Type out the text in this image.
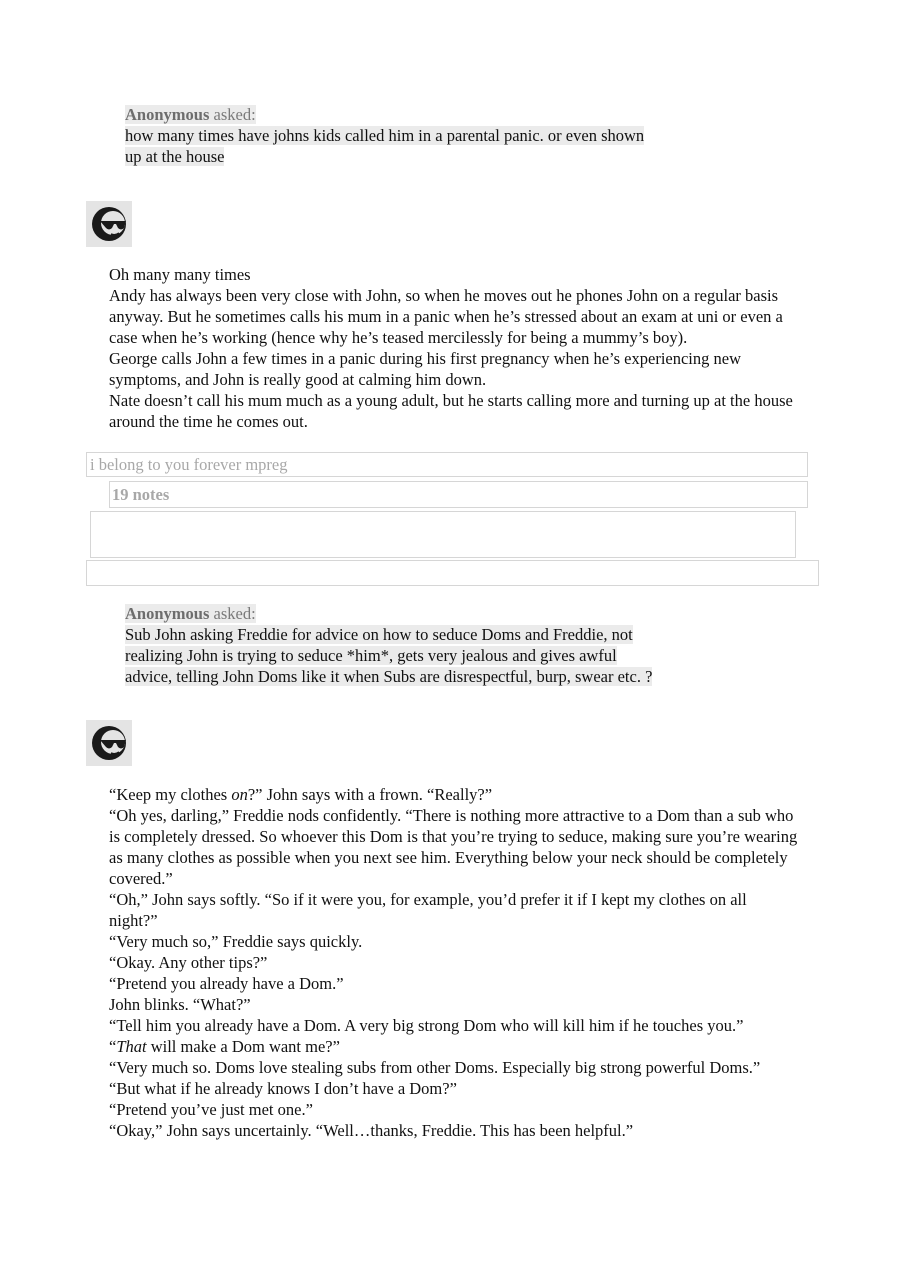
Anonymous asked:
how many times have johns kids called him in a parental panic. or even shown
up at the house

Oh many many times

Andy has always been very close with John, so when he moves out he phones John on a regular basis anyway. But he sometimes calls his mum in a panic when he’s stressed about an exam at uni or even a case when he’s working (hence why he’s teased mercilessly for being a mummy’s boy).

George calls John a few times in a panic during his first pregnancy when he’s experiencing new symptoms, and John is really good at calming him down.

Nate doesn’t call his mum much as a young adult, but he starts calling more and turning up at the house around the time he comes out.

i belong to you forever mpreg
19 notes
Anonymous asked:
Sub John asking Freddie for advice on how to seduce Doms and Freddie, not
realizing John is trying to seduce *him*, gets very jealous and gives awful
advice, telling John Doms like it when Subs are disrespectful, burp, swear etc. ?

“Keep my clothes on?” John says with a frown. “Really?”

“Oh yes, darling,” Freddie nods confidently. “There is nothing more attractive to a Dom than a sub who is completely dressed. So whoever this Dom is that you’re trying to seduce, making sure you’re wearing as many clothes as possible when you next see him. Everything below your neck should be completely covered.”

“Oh,” John says softly. “So if it were you, for example, you’d prefer it if I kept my clothes on all night?”

“Very much so,” Freddie says quickly.

“Okay. Any other tips?”

“Pretend you already have a Dom.”

John blinks. “What?”

“Tell him you already have a Dom. A very big strong Dom who will kill him if he touches you.”

“That will make a Dom want me?”

“Very much so. Doms love stealing subs from other Doms. Especially big strong powerful Doms.”

“But what if he already knows I don’t have a Dom?”

“Pretend you’ve just met one.”

“Okay,” John says uncertainly. “Well…thanks, Freddie. This has been helpful.”
